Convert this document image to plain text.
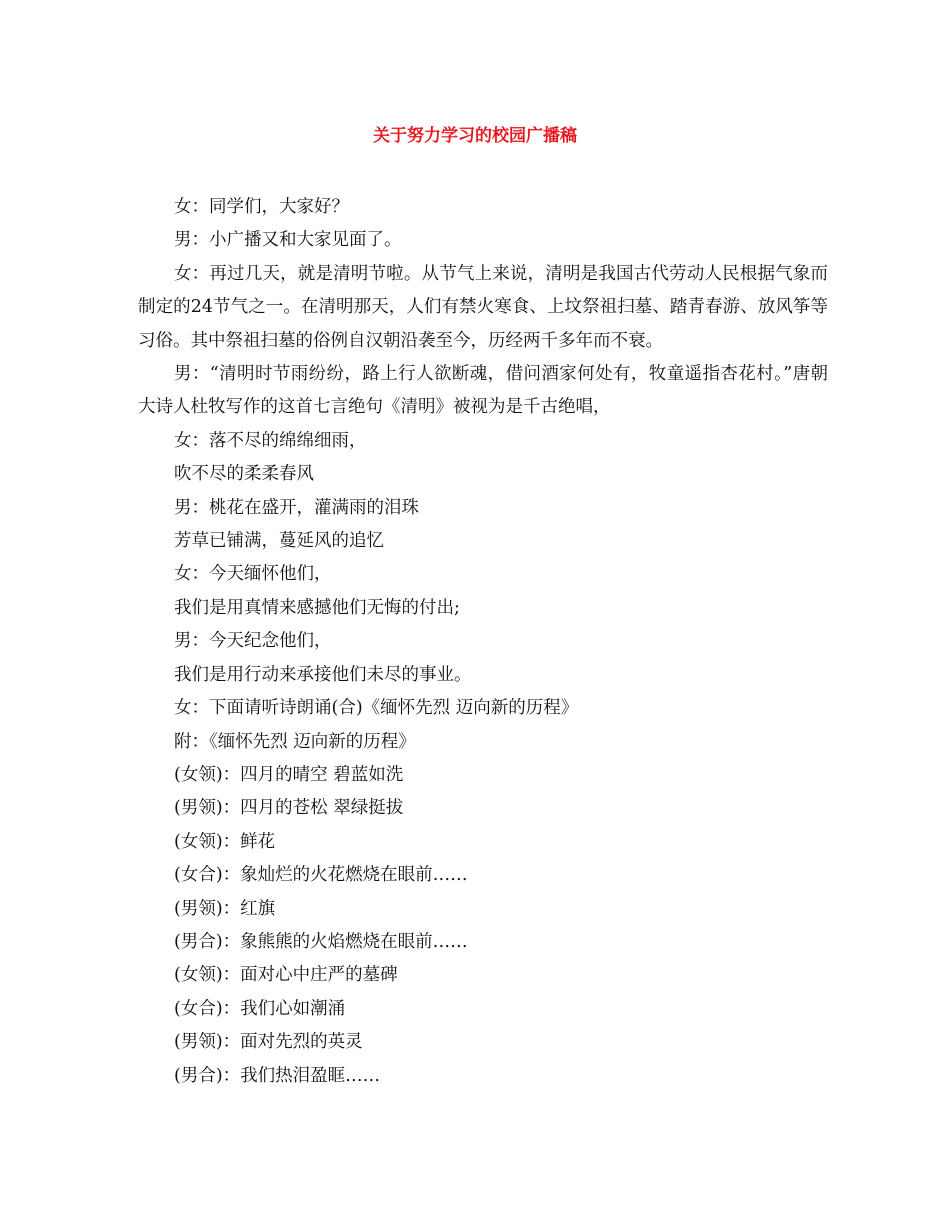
关于努力学习的校园广播稿

女：同学们，大家好？

男：小广播又和大家见面了。

女：再过几天，就是清明节啦。从节气上来说，清明是我国古代劳动人民根据气象而制定的24节气之一。在清明那天，人们有禁火寒食、上坟祭祖扫墓、踏青春游、放风筝等习俗。其中祭祖扫墓的俗例自汉朝沿袭至今，历经两千多年而不衰。

男：“清明时节雨纷纷，路上行人欲断魂，借问酒家何处有，牧童遥指杏花村。”唐朝大诗人杜牧写作的这首七言绝句《清明》被视为是千古绝唱，

女：落不尽的绵绵细雨，

吹不尽的柔柔春风

男：桃花在盛开，灌满雨的泪珠

芳草已铺满，蔓延风的追忆

女：今天缅怀他们，

我们是用真情来感撼他们无悔的付出;

男：今天纪念他们，

我们是用行动来承接他们未尽的事业。

女：下面请听诗朗诵(合)《缅怀先烈 迈向新的历程》

附：《缅怀先烈 迈向新的历程》

(女领)：四月的晴空 碧蓝如洗

(男领)：四月的苍松 翠绿挺拔

(女领)：鲜花

(女合)：象灿烂的火花燃烧在眼前……

(男领)：红旗

(男合)：象熊熊的火焰燃烧在眼前……

(女领)：面对心中庄严的墓碑

(女合)：我们心如潮涌

(男领)：面对先烈的英灵

(男合)：我们热泪盈眶……
